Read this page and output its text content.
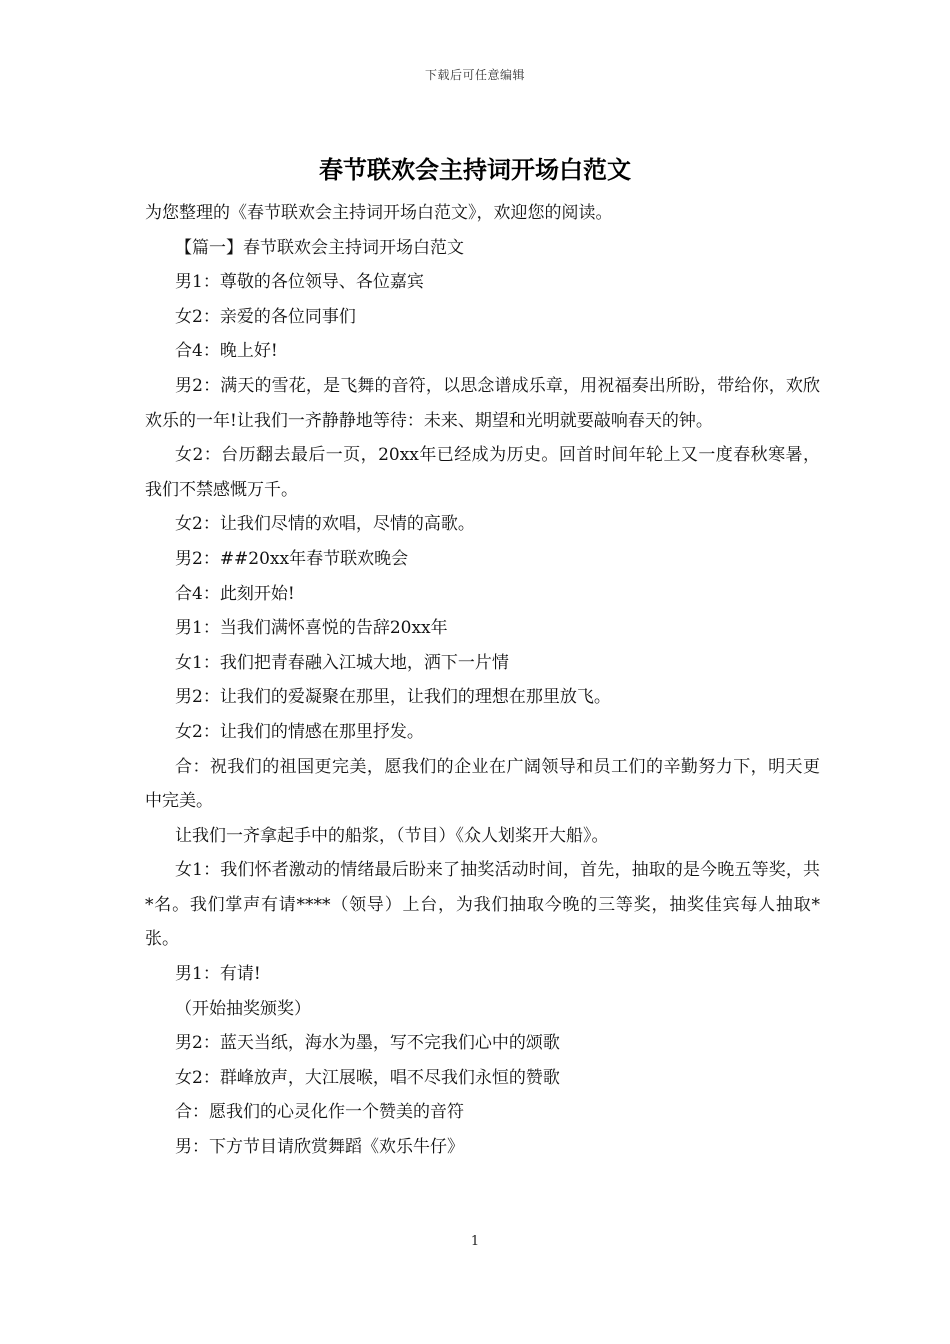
下载后可任意编辑
春节联欢会主持词开场白范文

为您整理的《春节联欢会主持词开场白范文》，欢迎您的阅读。

【篇一】春节联欢会主持词开场白范文

男1：尊敬的各位领导、各位嘉宾

女2：亲爱的各位同事们

合4：晚上好!

男2：满天的雪花，是飞舞的音符，以思念谱成乐章，用祝福奏出所盼，带给你，欢欣欢乐的一年!让我们一齐静静地等待：未来、期望和光明就要敲响春天的钟。

女2：台历翻去最后一页，20xx年已经成为历史。回首时间年轮上又一度春秋寒暑，我们不禁感慨万千。

女2：让我们尽情的欢唱，尽情的高歌。

男2：##20xx年春节联欢晚会

合4：此刻开始!

男1：当我们满怀喜悦的告辞20xx年

女1：我们把青春融入江城大地，洒下一片情

男2：让我们的爱凝聚在那里，让我们的理想在那里放飞。

女2：让我们的情感在那里抒发。

合：祝我们的祖国更完美，愿我们的企业在广阔领导和员工们的辛勤努力下，明天更中完美。

让我们一齐拿起手中的船浆，（节目）《众人划桨开大船》。

女1：我们怀者激动的情绪最后盼来了抽奖活动时间，首先，抽取的是今晚五等奖，共*名。我们掌声有请****（领导）上台，为我们抽取今晚的三等奖，抽奖佳宾每人抽取*张。

男1：有请!

（开始抽奖颁奖）

男2：蓝天当纸，海水为墨，写不完我们心中的颂歌

女2：群峰放声，大江展喉，唱不尽我们永恒的赞歌

合：愿我们的心灵化作一个赞美的音符

男：下方节目请欣赏舞蹈《欢乐牛仔》

1
